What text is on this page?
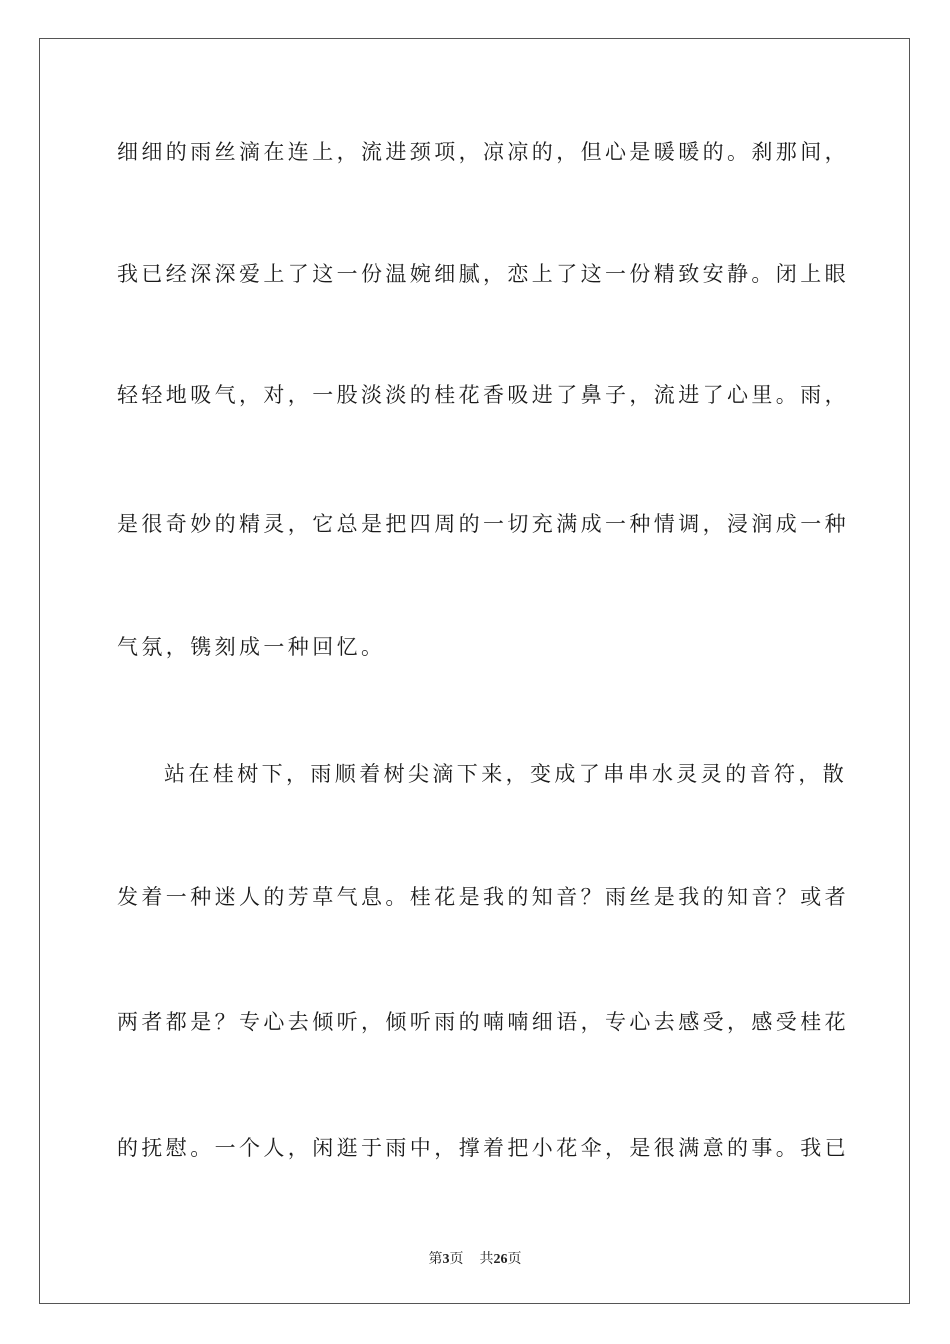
细细的雨丝滴在连上，流进颈项，凉凉的，但心是暖暖的。刹那间，
我已经深深爱上了这一份温婉细腻，恋上了这一份精致安静。闭上眼
轻轻地吸气，对，一股淡淡的桂花香吸进了鼻子，流进了心里。雨，
是很奇妙的精灵，它总是把四周的一切充满成一种情调，浸润成一种
气氛，镌刻成一种回忆。
站在桂树下，雨顺着树尖滴下来，变成了串串水灵灵的音符，散
发着一种迷人的芳草气息。桂花是我的知音？雨丝是我的知音？或者
两者都是？专心去倾听，倾听雨的喃喃细语，专心去感受，感受桂花
的抚慰。一个人，闲逛于雨中，撑着把小花伞，是很满意的事。我已
第3页 共26页
